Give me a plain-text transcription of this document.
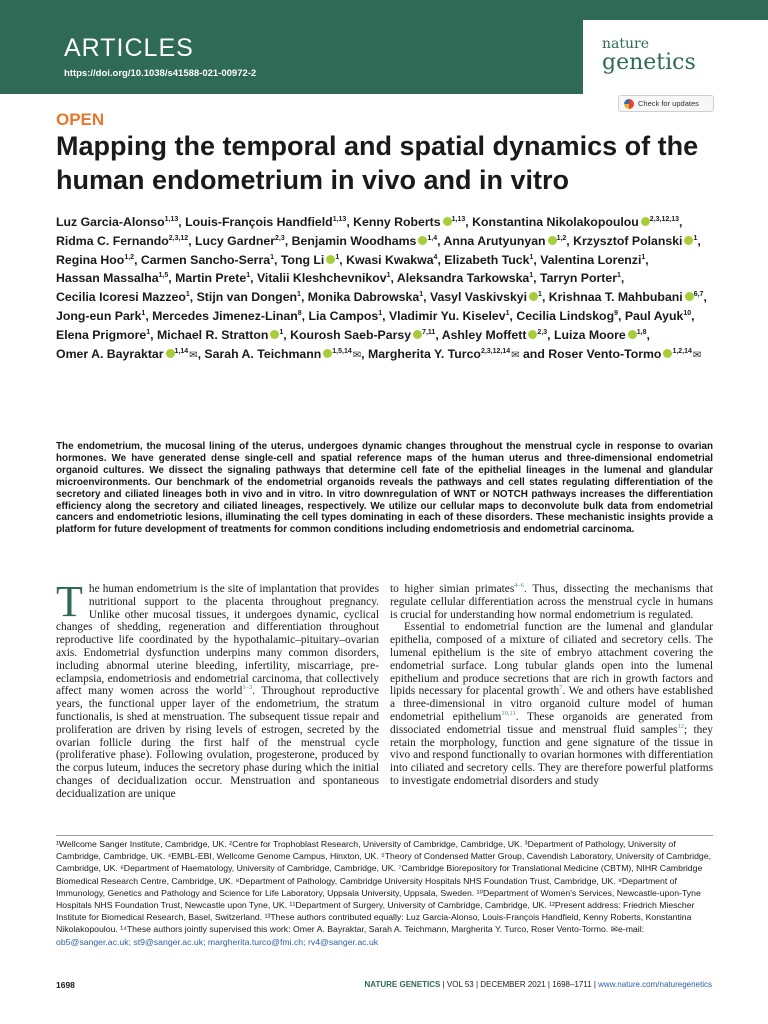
ARTICLES
https://doi.org/10.1038/s41588-021-00972-2
nature
genetics
Check for updates
OPEN
Mapping the temporal and spatial dynamics of the human endometrium in vivo and in vitro
Luz Garcia-Alonso$^{1,13}$, Louis-François Handfield$^{1,13}$, Kenny Roberts $^{1,13}$, Konstantina Nikolakopoulou $^{2,3,12,13}$, Ridma C. Fernando$^{2,3,12}$, Lucy Gardner$^{2,3}$, Benjamin Woodhams $^{1,4}$, Anna Arutyunyan $^{1,2}$, Krzysztof Polanski $^1$, Regina Hoo$^{1,2}$, Carmen Sancho-Serra$^1$, Tong Li $^1$, Kwasi Kwakwa$^4$, Elizabeth Tuck$^1$, Valentina Lorenzi$^1$, Hassan Massalha$^{1,5}$, Martin Prete$^1$, Vitalii Kleshchevnikov$^1$, Aleksandra Tarkowska$^1$, Tarryn Porter$^1$, Cecilia Icoresi Mazzeo$^1$, Stijn van Dongen$^1$, Monika Dabrowska$^1$, Vasyl Vaskivskyi $^1$, Krishnaa T. Mahbubani $^{6,7}$, Jong-eun Park$^1$, Mercedes Jimenez-Linan$^8$, Lia Campos$^1$, Vladimir Yu. Kiselev$^1$, Cecilia Lindskog$^9$, Paul Ayuk$^{10}$, Elena Prigmore$^1$, Michael R. Stratton $^1$, Kourosh Saeb-Parsy $^{7,11}$, Ashley Moffett $^{2,3}$, Luiza Moore $^{1,8}$, Omer A. Bayraktar $^{1,14}$✉, Sarah A. Teichmann $^{1,5,14}$✉, Margherita Y. Turco$^{2,3,12,14}$✉ and Roser Vento-Tormo $^{1,2,14}$✉

The endometrium, the mucosal lining of the uterus, undergoes dynamic changes throughout the menstrual cycle in response to ovarian hormones. We have generated dense single-cell and spatial reference maps of the human uterus and three-dimensional endometrial organoid cultures. We dissect the signaling pathways that determine cell fate of the epithelial lineages in the lumenal and glandular microenvironments. Our benchmark of the endometrial organoids reveals the pathways and cell states regulating differentiation of the secretory and ciliated lineages both in vivo and in vitro. In vitro downregulation of WNT or NOTCH pathways increases the differentiation efficiency along the secretory and ciliated lineages, respectively. We utilize our cellular maps to deconvolute bulk data from endometrial cancers and endometriotic lesions, illuminating the cell types dominating in each of these disorders. These mechanistic insights provide a platform for future development of treatments for common conditions including endometriosis and endometrial carcinoma.

The human endometrium is the site of implantation that provides nutritional support to the placenta throughout pregnancy. Unlike other mucosal tissues, it undergoes dynamic, cyclical changes of shedding, regeneration and differentiation throughout reproductive life coordinated by the hypothalamic–pituitary–ovarian axis. Endometrial dysfunction underpins many common disorders, including abnormal uterine bleeding, infertility, miscarriage, pre-eclampsia, endometriosis and endometrial carcinoma, that collectively affect many women across the world$^{1-3}$. Throughout reproductive years, the functional upper layer of the endometrium, the stratum functionalis, is shed at menstruation. The subsequent tissue repair and proliferation are driven by rising levels of estrogen, secreted by the ovarian follicle during the first half of the menstrual cycle (proliferative phase). Following ovulation, progesterone, produced by the corpus luteum, induces the secretory phase during which the initial changes of decidualization occur. Menstruation and spontaneous decidualization are unique

to higher simian primates$^{4-6}$. Thus, dissecting the mechanisms that regulate cellular differentiation across the menstrual cycle in humans is crucial for understanding how normal endometrium is regulated.

Essential to endometrial function are the lumenal and glandular epithelia, composed of a mixture of ciliated and secretory cells. The lumenal epithelium is the site of embryo attachment covering the endometrial surface. Long tubular glands open into the lumenal epithelium and produce secretions that are rich in growth factors and lipids necessary for placental growth$^7$. We and others have established a three-dimensional in vitro organoid culture model of human endometrial epithelium$^{10,11}$. These organoids are generated from dissociated endometrial tissue and menstrual fluid samples$^{12}$; they retain the morphology, function and gene signature of the tissue in vivo and respond functionally to ovarian hormones with differentiation into ciliated and secretory cells. They are therefore powerful platforms to investigate endometrial disorders and study

¹Wellcome Sanger Institute, Cambridge, UK. ²Centre for Trophoblast Research, University of Cambridge, Cambridge, UK. ³Department of Pathology, University of Cambridge, Cambridge, UK. ⁴EMBL-EBI, Wellcome Genome Campus, Hinxton, UK. ⁵Theory of Condensed Matter Group, Cavendish Laboratory, University of Cambridge, Cambridge, UK. ⁶Department of Haematology, University of Cambridge, Cambridge, UK. ⁷Cambridge Biorepository for Translational Medicine (CBTM), NIHR Cambridge Biomedical Research Centre, Cambridge, UK. ⁸Department of Pathology, Cambridge University Hospitals NHS Foundation Trust, Cambridge, UK. ⁹Department of Immunology, Genetics and Pathology and Science for Life Laboratory, Uppsala University, Uppsala, Sweden. ¹⁰Department of Women's Services, Newcastle-upon-Tyne Hospitals NHS Foundation Trust, Newcastle upon Tyne, UK. ¹¹Department of Surgery, University of Cambridge, Cambridge, UK. ¹²Present address: Friedrich Miescher Institute for Biomedical Research, Basel, Switzerland. ¹³These authors contributed equally: Luz Garcia-Alonso, Louis-François Handfield, Kenny Roberts, Konstantina Nikolakopoulou. ¹⁴These authors jointly supervised this work: Omer A. Bayraktar, Sarah A. Teichmann, Margherita Y. Turco, Roser Vento-Tormo. ✉e-mail: ob5@sanger.ac.uk; st9@sanger.ac.uk; margherita.turco@fmi.ch; rv4@sanger.ac.uk
1698	NATURE GENETICS | VOL 53 | DECEMBER 2021 | 1698–1711 | www.nature.com/naturegenetics
